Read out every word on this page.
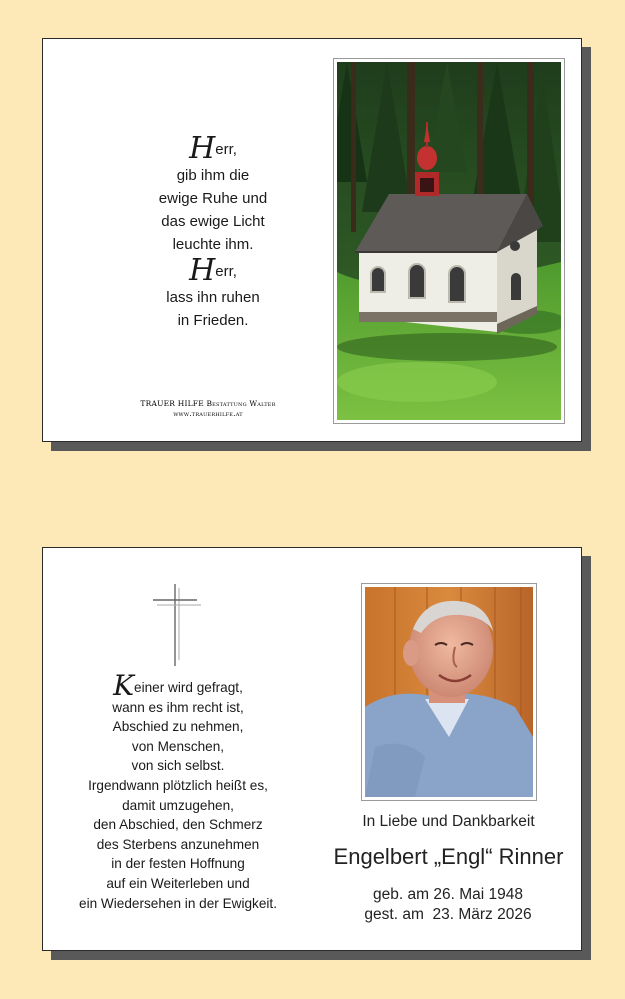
Herr,
gib ihm die
ewige Ruhe und
das ewige Licht
leuchte ihm.
Herr,
lass ihn ruhen
in Frieden.
TRAUER HILFE Bestattung Walter
www.trauerhilfe.at
Keiner wird gefragt,
wann es ihm recht ist,
Abschied zu nehmen,
von Menschen,
von sich selbst.
Irgendwann plötzlich heißt es,
damit umzugehen,
den Abschied, den Schmerz
des Sterbens anzunehmen
in der festen Hoffnung
auf ein Weiterleben und
ein Wiedersehen in der Ewigkeit.
In Liebe und Dankbarkeit
Engelbert „Engl“ Rinner
geb. am 26. Mai 1948
gest. am  23. März 2026
